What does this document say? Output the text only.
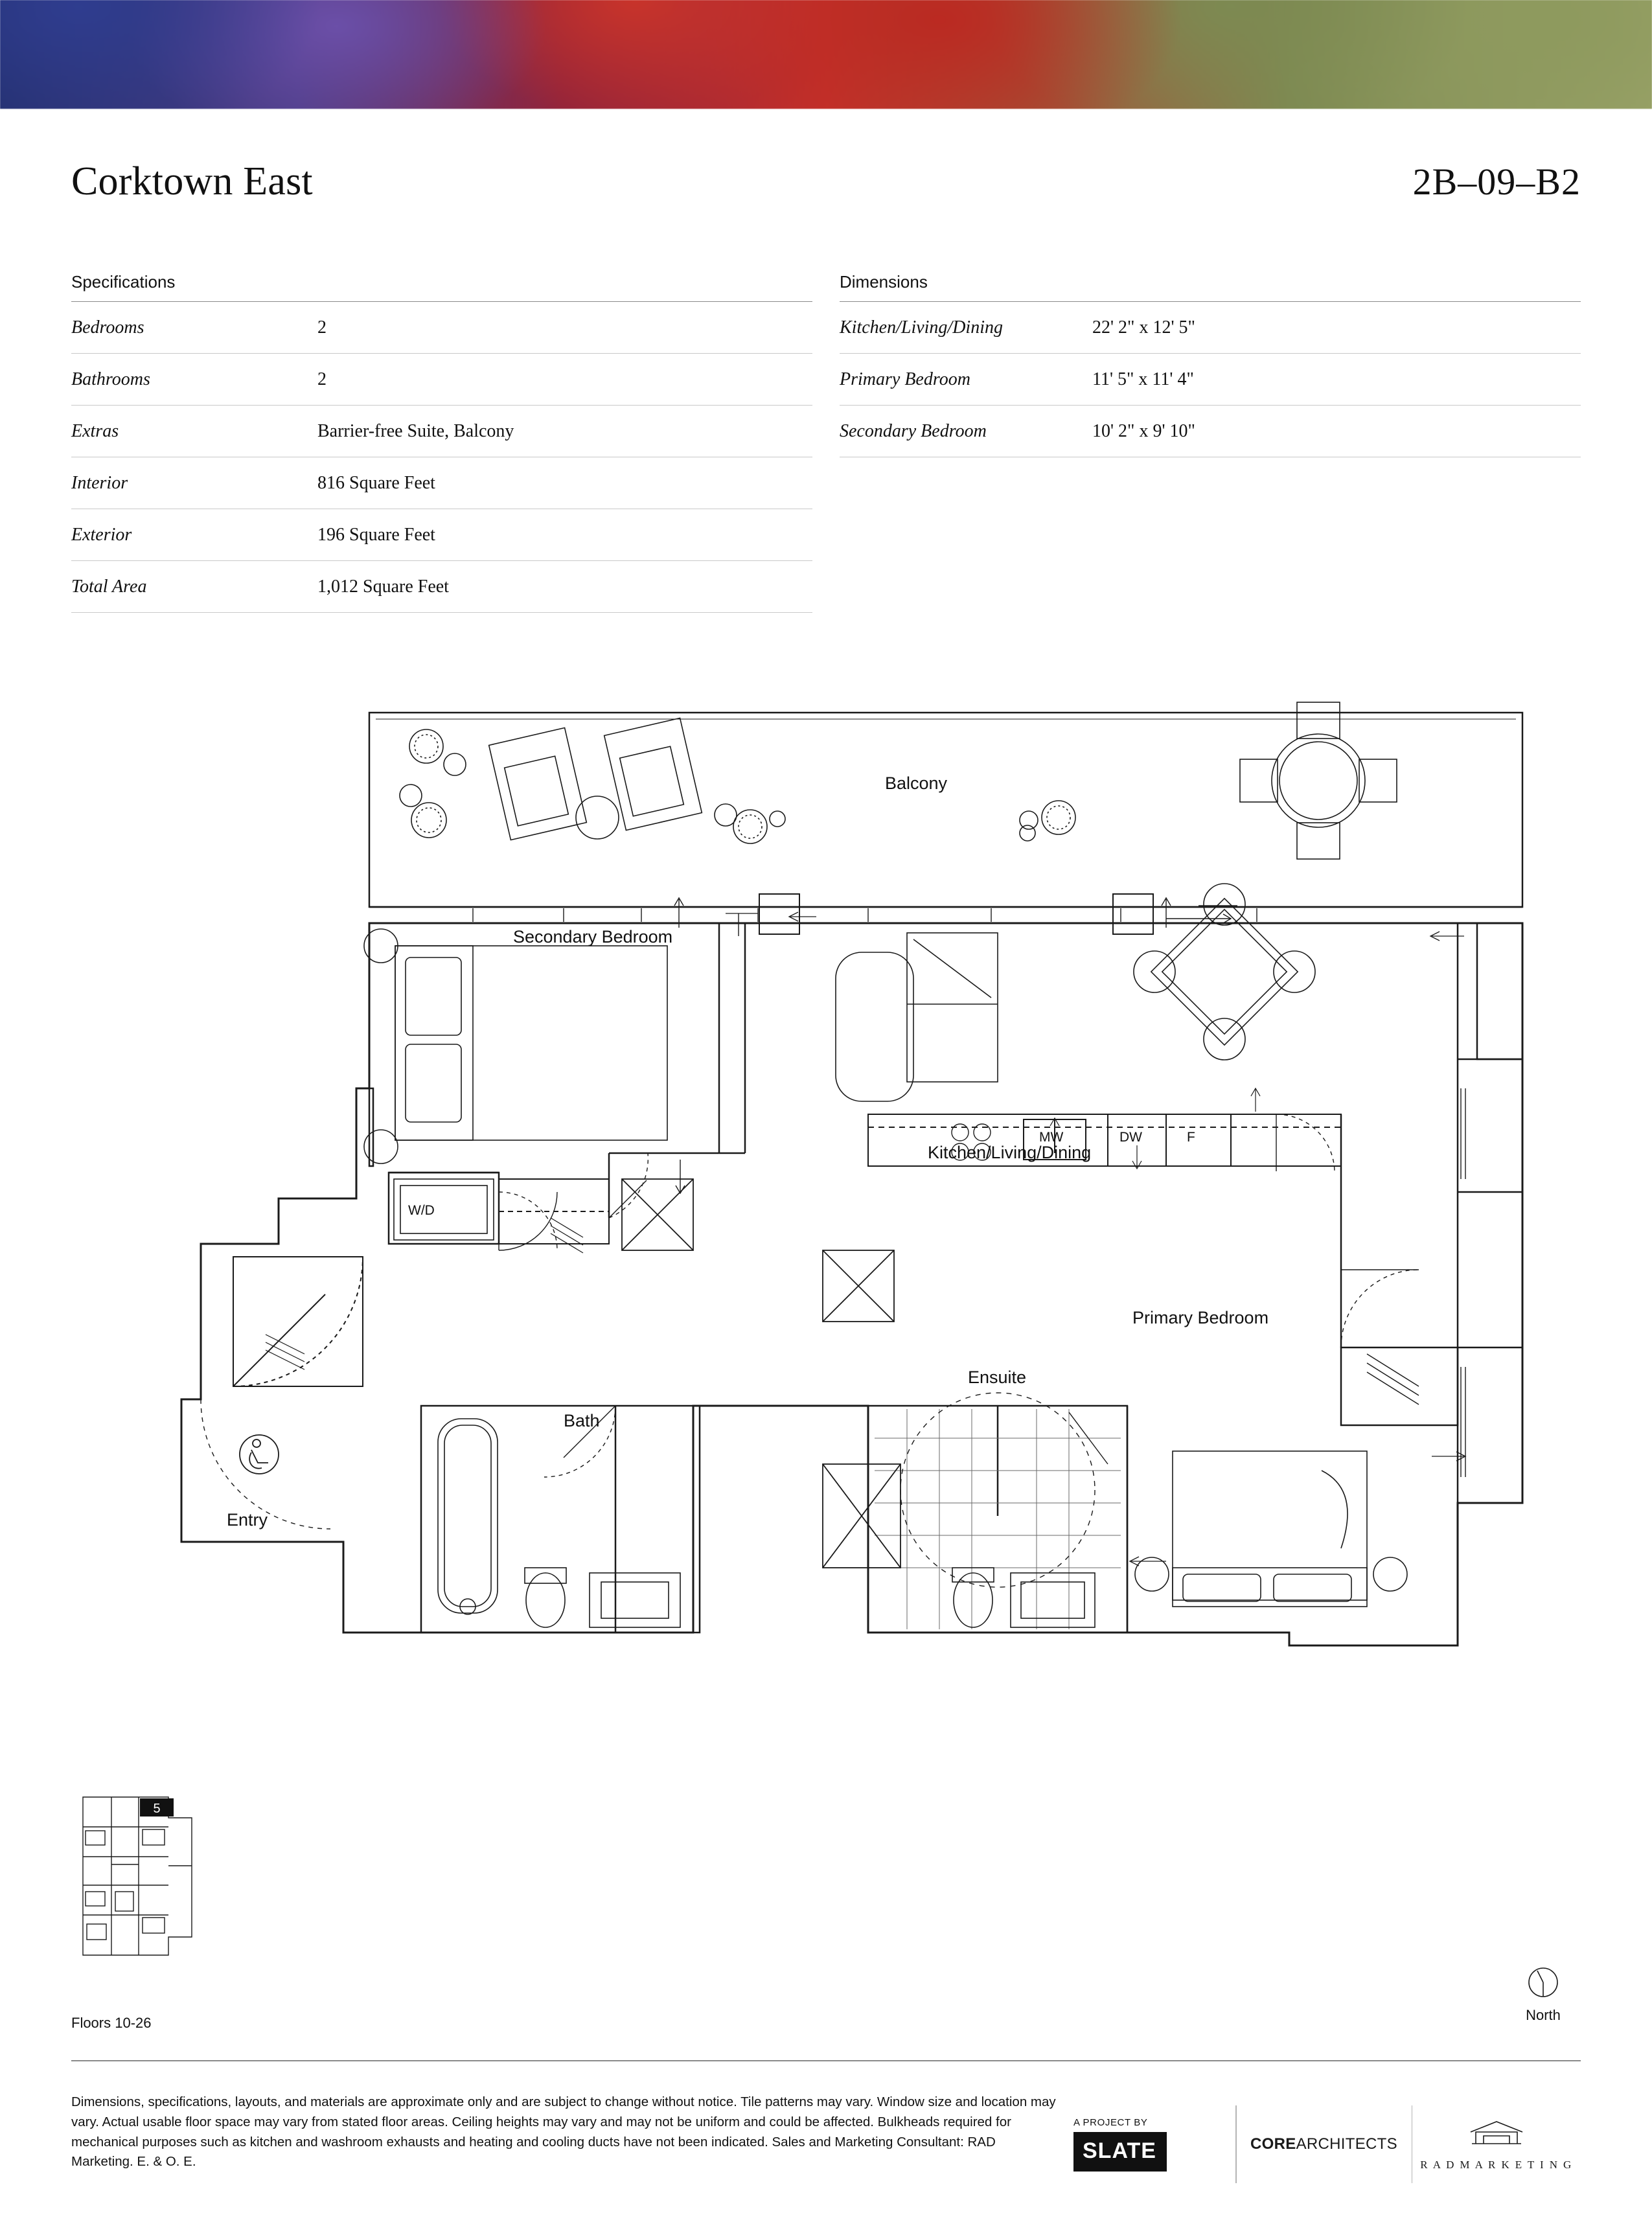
Corktown East	2B–09–B2
Specifications
Bedrooms	2
Bathrooms	2
Extras	Barrier-free Suite, Balcony
Interior	816 Square Feet
Exterior	196 Square Feet
Total Area	1,012 Square Feet
Dimensions
Kitchen/Living/Dining	22' 2" x 12' 5"
Primary Bedroom	11' 5" x 11' 4"
Secondary Bedroom	10' 2" x 9' 10"
Balcony
Secondary Bedroom
Kitchen/Living/Dining
Primary Bedroom
Ensuite
Bath
Entry
W/D
MW	DW	F
5
Floors 10-26	North
Dimensions, specifications, layouts, and materials are approximate only and are subject to change without notice. Tile patterns may vary. Window size and location may vary. Actual usable floor space may vary from stated floor areas. Ceiling heights may vary and may not be uniform and could be affected. Bulkheads required for mechanical purposes such as kitchen and washroom exhausts and heating and cooling ducts have not been indicated. Sales and Marketing Consultant: RAD Marketing. E. & O. E.
A PROJECT BY
SLATE	COREARCHITECTS
R A D M A R K E T I N G
